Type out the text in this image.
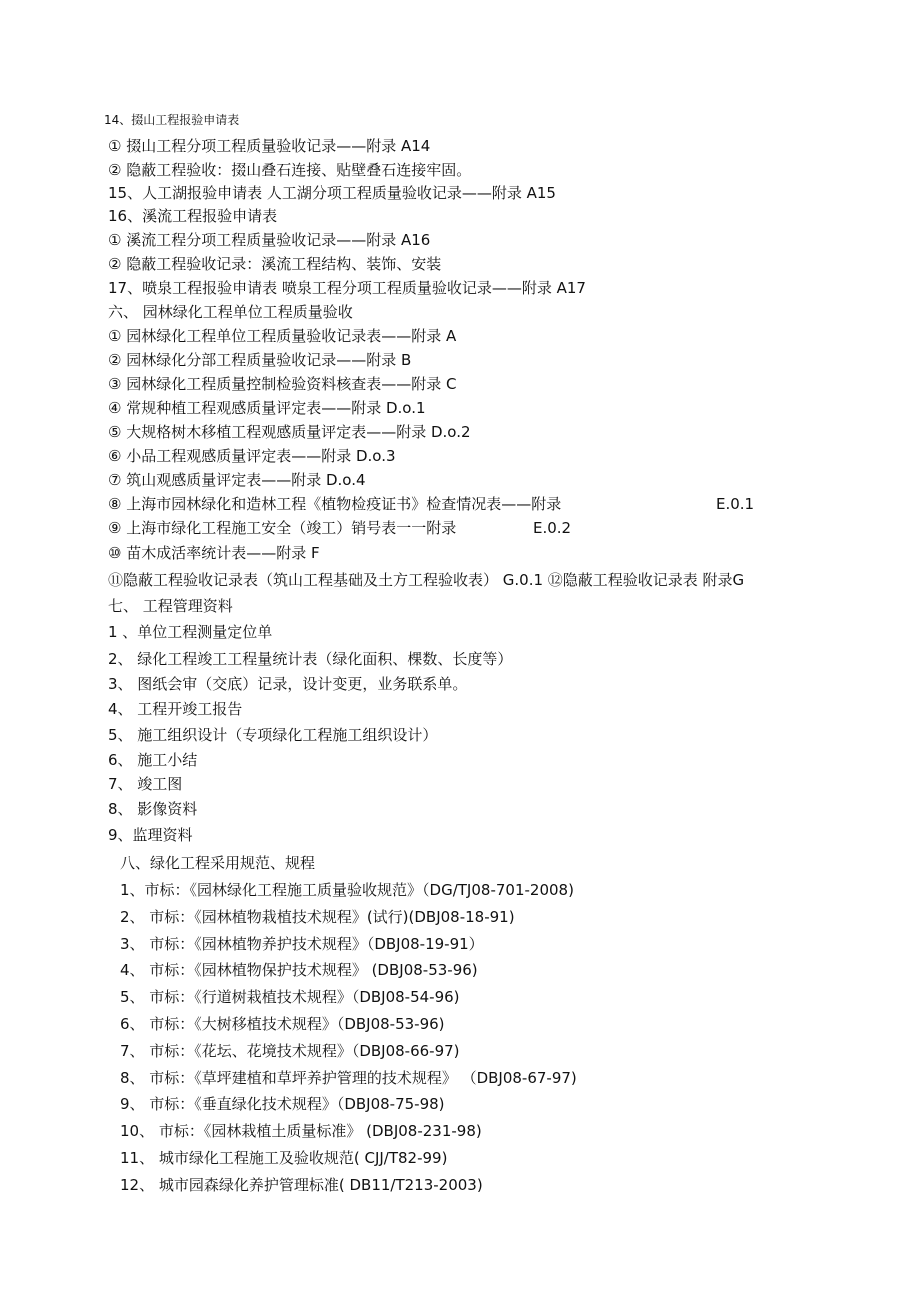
14、掇山工程报验申请表
① 掇山工程分项工程质量验收记录——附录 A14
② 隐蔽工程验收：掇山叠石连接、贴壁叠石连接牢固。
15、人工湖报验申请表 人工湖分项工程质量验收记录——附录 A15
16、溪流工程报验申请表
① 溪流工程分项工程质量验收记录——附录 A16
② 隐蔽工程验收记录：溪流工程结构、装饰、安装
17、喷泉工程报验申请表 喷泉工程分项工程质量验收记录——附录 A17
六、 园林绿化工程单位工程质量验收
① 园林绿化工程单位工程质量验收记录表——附录 A
② 园林绿化分部工程质量验收记录——附录 B
③ 园林绿化工程质量控制检验资料核查表——附录 C
④ 常规种植工程观感质量评定表——附录 D.o.1
⑤ 大规格树木移植工程观感质量评定表——附录 D.o.2
⑥ 小品工程观感质量评定表——附录 D.o.3
⑦ 筑山观感质量评定表——附录 D.o.4
⑧ 上海市园林绿化和造林工程《植物检疫证书》检查情况表——附录	E.0.1
⑨ 上海市绿化工程施工安全（竣工）销号表一一附录	E.0.2
⑩ 苗木成活率统计表——附录 F
⑪隐蔽工程验收记录表（筑山工程基础及土方工程验收表） G.0.1 ⑫隐蔽工程验收记录表 附录G
七、 工程管理资料
1 、单位工程测量定位单
2、 绿化工程竣工工程量统计表（绿化面积、棵数、长度等）
3、 图纸会审（交底）记录，设计变更，业务联系单。
4、 工程开竣工报告
5、 施工组织设计（专项绿化工程施工组织设计）
6、 施工小结
7、 竣工图
8、 影像资料
9、监理资料
八、绿化工程采用规范、规程
1、市标：《园林绿化工程施工质量验收规范》（DG/TJ08-701-2008)
2、 市标：《园林植物栽植技术规程》(试行)(DBJ08-18-91)
3、 市标：《园林植物养护技术规程》（DBJ08-19-91）
4、 市标：《园林植物保护技术规程》 (DBJ08-53-96)
5、 市标：《行道树栽植技术规程》（DBJ08-54-96)
6、 市标：《大树移植技术规程》（DBJ08-53-96)
7、 市标：《花坛、花境技术规程》（DBJ08-66-97)
8、 市标：《草坪建植和草坪养护管理的技术规程》 （DBJ08-67-97)
9、 市标：《垂直绿化技术规程》（DBJ08-75-98)
10、 市标：《园林栽植土质量标准》 (DBJ08-231-98)
11、 城市绿化工程施工及验收规范( CJJ/T82-99)
12、 城市园森绿化养护管理标准( DB11/T213-2003)
